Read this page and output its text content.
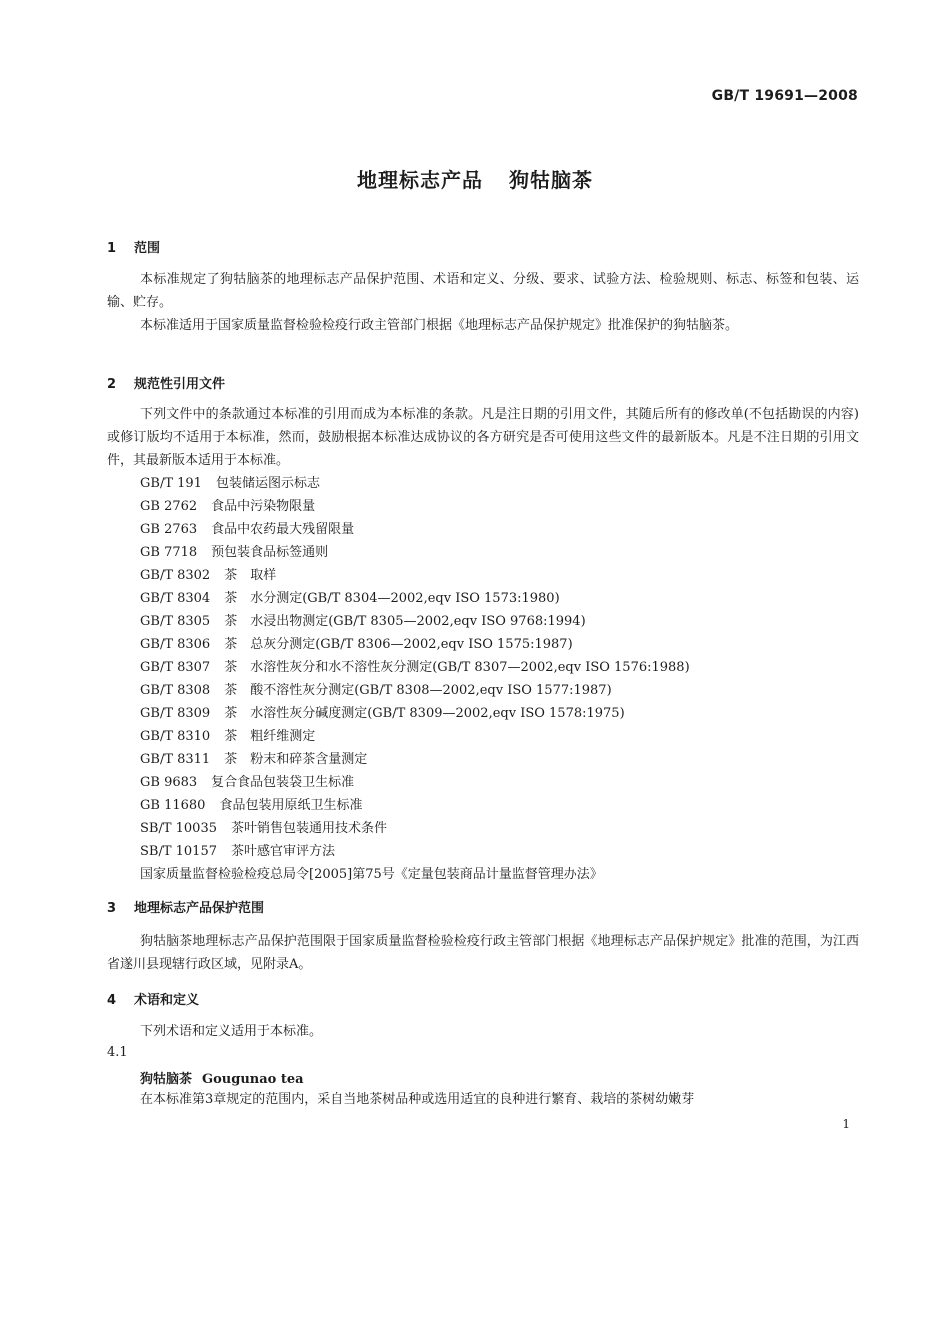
GB/T 19691—2008
地理标志产品 狗牯脑茶
1 范围

本标准规定了狗牯脑茶的地理标志产品保护范围、术语和定义、分级、要求、试验方法、检验规则、标志、标签和包装、运输、贮存。

本标准适用于国家质量监督检验检疫行政主管部门根据《地理标志产品保护规定》批准保护的狗牯脑茶。

2 规范性引用文件

下列文件中的条款通过本标准的引用而成为本标准的条款。凡是注日期的引用文件，其随后所有的修改单(不包括勘误的内容)或修订版均不适用于本标准，然而，鼓励根据本标准达成协议的各方研究是否可使用这些文件的最新版本。凡是不注日期的引用文件，其最新版本适用于本标准。

GB/T 191 包装储运图示标志
GB 2762 食品中污染物限量
GB 2763 食品中农药最大残留限量
GB 7718 预包装食品标签通则
GB/T 8302 茶　取样
GB/T 8304 茶　水分测定(GB/T 8304—2002,eqv ISO 1573:1980)
GB/T 8305 茶　水浸出物测定(GB/T 8305—2002,eqv ISO 9768:1994)
GB/T 8306 茶　总灰分测定(GB/T 8306—2002,eqv ISO 1575:1987)
GB/T 8307 茶　水溶性灰分和水不溶性灰分测定(GB/T 8307—2002,eqv ISO 1576:1988)
GB/T 8308 茶　酸不溶性灰分测定(GB/T 8308—2002,eqv ISO 1577:1987)
GB/T 8309 茶　水溶性灰分碱度测定(GB/T 8309—2002,eqv ISO 1578:1975)
GB/T 8310 茶　粗纤维测定
GB/T 8311 茶　粉末和碎茶含量测定
GB 9683 复合食品包装袋卫生标准
GB 11680 食品包装用原纸卫生标准
SB/T 10035 茶叶销售包装通用技术条件
SB/T 10157 茶叶感官审评方法
国家质量监督检验检疫总局令[2005]第75号《定量包装商品计量监督管理办法》
3 地理标志产品保护范围

狗牯脑茶地理标志产品保护范围限于国家质量监督检验检疫行政主管部门根据《地理标志产品保护规定》批准的范围，为江西省遂川县现辖行政区域，见附录A。

4 术语和定义

下列术语和定义适用于本标准。

4.1
狗牯脑茶 Gougunao tea

在本标准第3章规定的范围内，采自当地茶树品种或选用适宜的良种进行繁育、栽培的茶树幼嫩芽

1
